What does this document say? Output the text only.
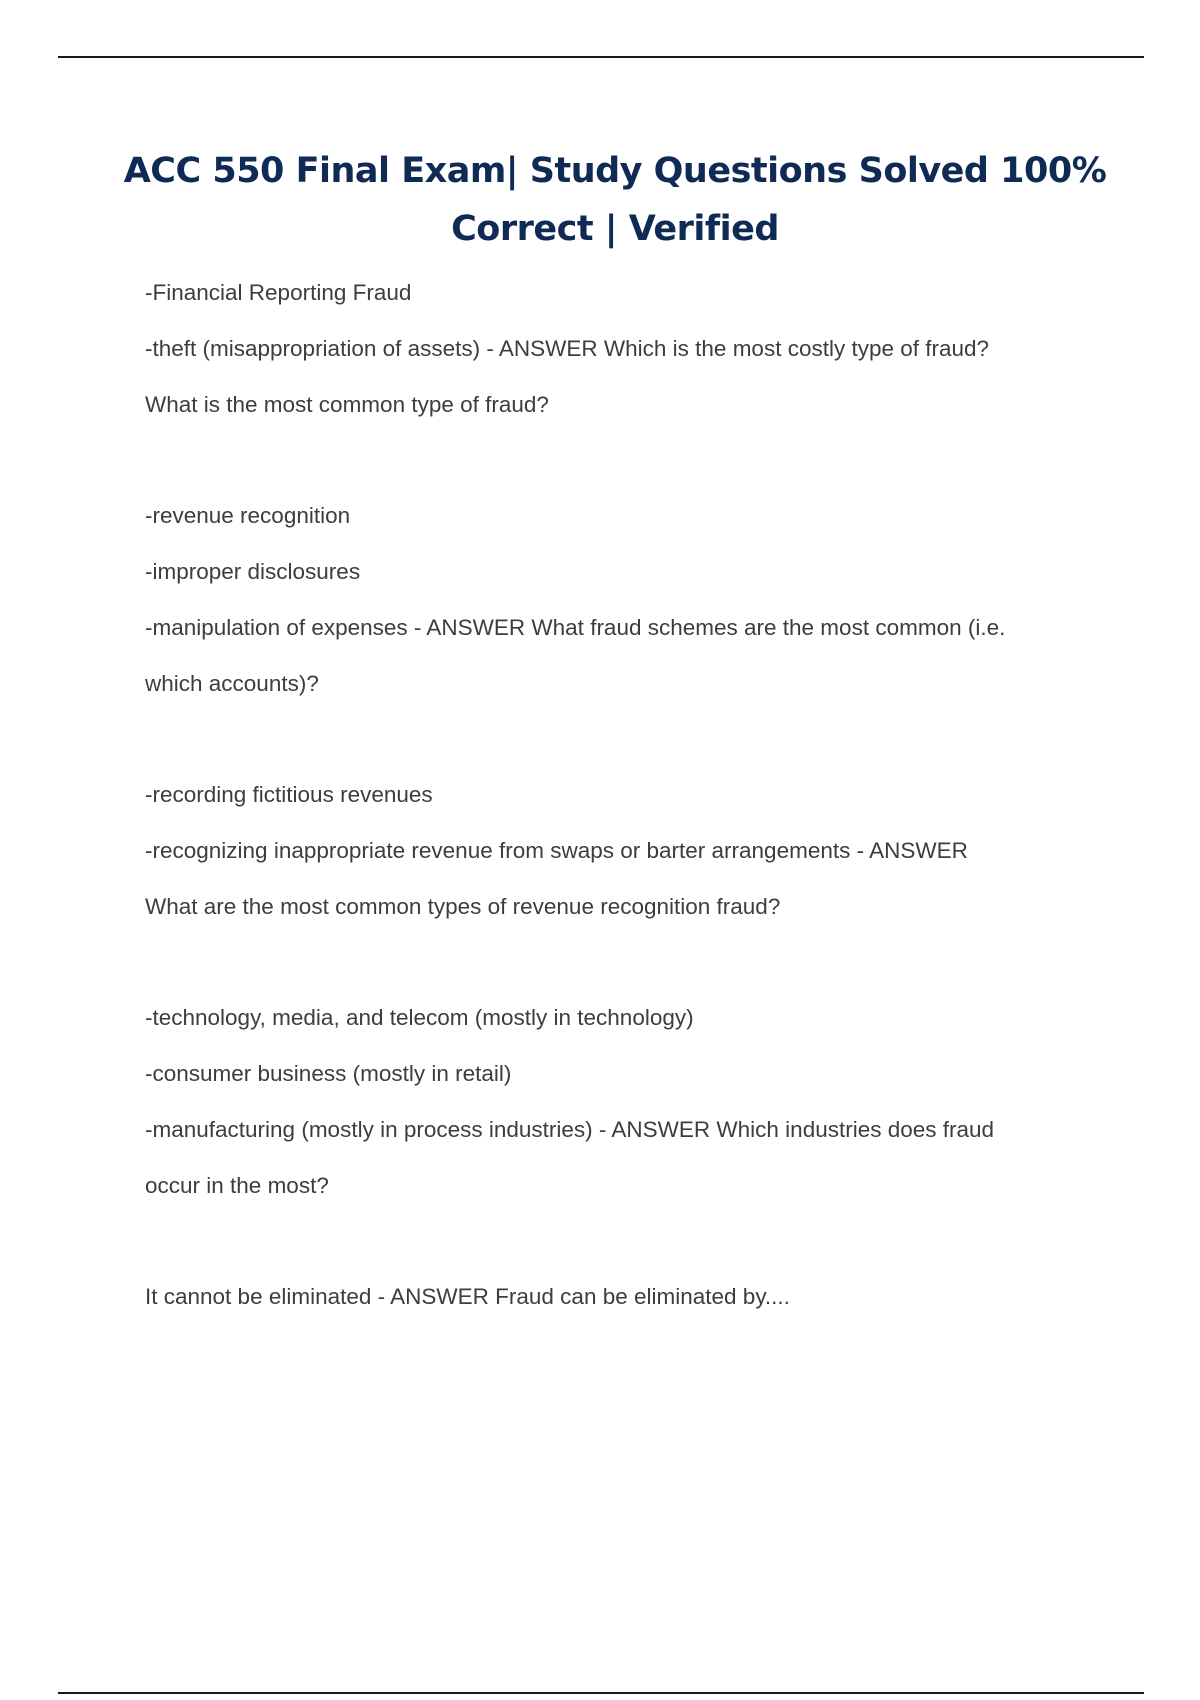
ACC 550 Final Exam| Study Questions Solved 100% Correct | Verified
-Financial Reporting Fraud
-theft (misappropriation of assets) - ANSWER Which is the most costly type of fraud?
What is the most common type of fraud?
-revenue recognition
-improper disclosures
-manipulation of expenses - ANSWER What fraud schemes are the most common (i.e.
which accounts)?
-recording fictitious revenues
-recognizing inappropriate revenue from swaps or barter arrangements - ANSWER
What are the most common types of revenue recognition fraud?
-technology, media, and telecom (mostly in technology)
-consumer business (mostly in retail)
-manufacturing (mostly in process industries) - ANSWER Which industries does fraud
occur in the most?
It cannot be eliminated - ANSWER Fraud can be eliminated by....
